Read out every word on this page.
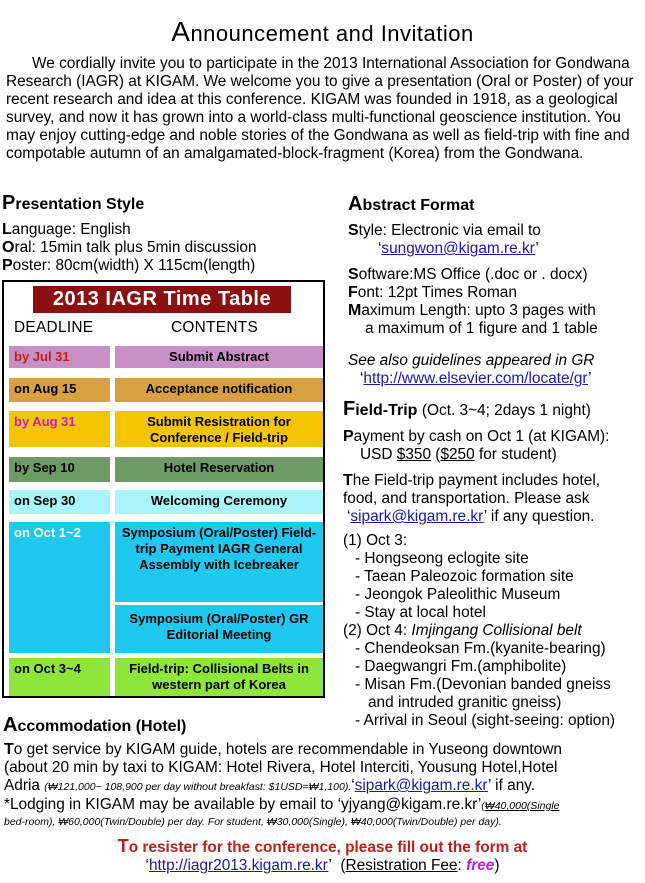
Announcement and Invitation
We cordially invite you to participate in the 2013 International Association for Gondwana Research (IAGR) at KIGAM. We welcome you to give a presentation (Oral or Poster) of your recent research and idea at this conference. KIGAM was founded in 1918, as a geological survey, and now it has grown into a world-class multi-functional geoscience institution. You may enjoy cutting-edge and noble stories of the Gondwana as well as field-trip with fine and compotable autumn of an amalgamated-block-fragment (Korea) from the Gondwana.
Presentation Style
Language: English
Oral: 15min talk plus 5min discussion
Poster: 80cm(width) X 115cm(length)
2013 IAGR Time Table
DEADLINE	CONTENTS
by Jul 31	Submit Abstract
on Aug 15	Acceptance notification
by Aug 31	Submit Resistration for Conference / Field-trip
by Sep 10	Hotel Reservation
on Sep 30	Welcoming Ceremony
on Oct 1~2	Symposium (Oral/Poster) Field-trip Payment IAGR General Assembly with Icebreaker
Symposium (Oral/Poster) GR Editorial Meeting
on Oct 3~4	Field-trip: Collisional Belts in western part of Korea
Abstract Format
Style: Electronic via email to
‘sungwon@kigam.re.kr’
Software:MS Office (.doc or . docx)
Font: 12pt Times Roman
Maximum Length: upto 3 pages with
a maximum of 1 figure and 1 table
See also guidelines appeared in GR
‘http://www.elsevier.com/locate/gr’
Field-Trip (Oct. 3~4; 2days 1 night)
Payment by cash on Oct 1 (at KIGAM):
USD $350 ($250 for student)
The Field-trip payment includes hotel,
food, and transportation. Please ask
‘sipark@kigam.re.kr’ if any question.
(1) Oct 3:
- Hongseong eclogite site
- Taean Paleozoic formation site
- Jeongok Paleolithic Museum
- Stay at local hotel
(2) Oct 4: Imjingang Collisional belt
- Chendeoksan Fm.(kyanite-bearing)
- Daegwangri Fm.(amphibolite)
- Misan Fm.(Devonian banded gneiss
and intruded granitic gneiss)
- Arrival in Seoul (sight-seeing: option)
Accommodation (Hotel)
To get service by KIGAM guide, hotels are recommendable in Yuseong downtown
(about 20 min by taxi to KIGAM: Hotel Rivera, Hotel Interciti, Yousung Hotel,Hotel
Adria (₩121,000~ 108,900 per day without breakfast: $1USD=₩1,100).‘sipark@kigam.re.kr’ if any.
*Lodging in KIGAM may be available by email to ‘yjyang@kigam.re.kr’(₩40,000(Single
bed-room), ₩60,000(Twin/Double) per day. For student, ₩30,000(Single), ₩40,000(Twin/Double) per day).
To resister for the conference, please fill out the form at
‘http://iagr2013.kigam.re.kr’  (Resistration Fee: free)
